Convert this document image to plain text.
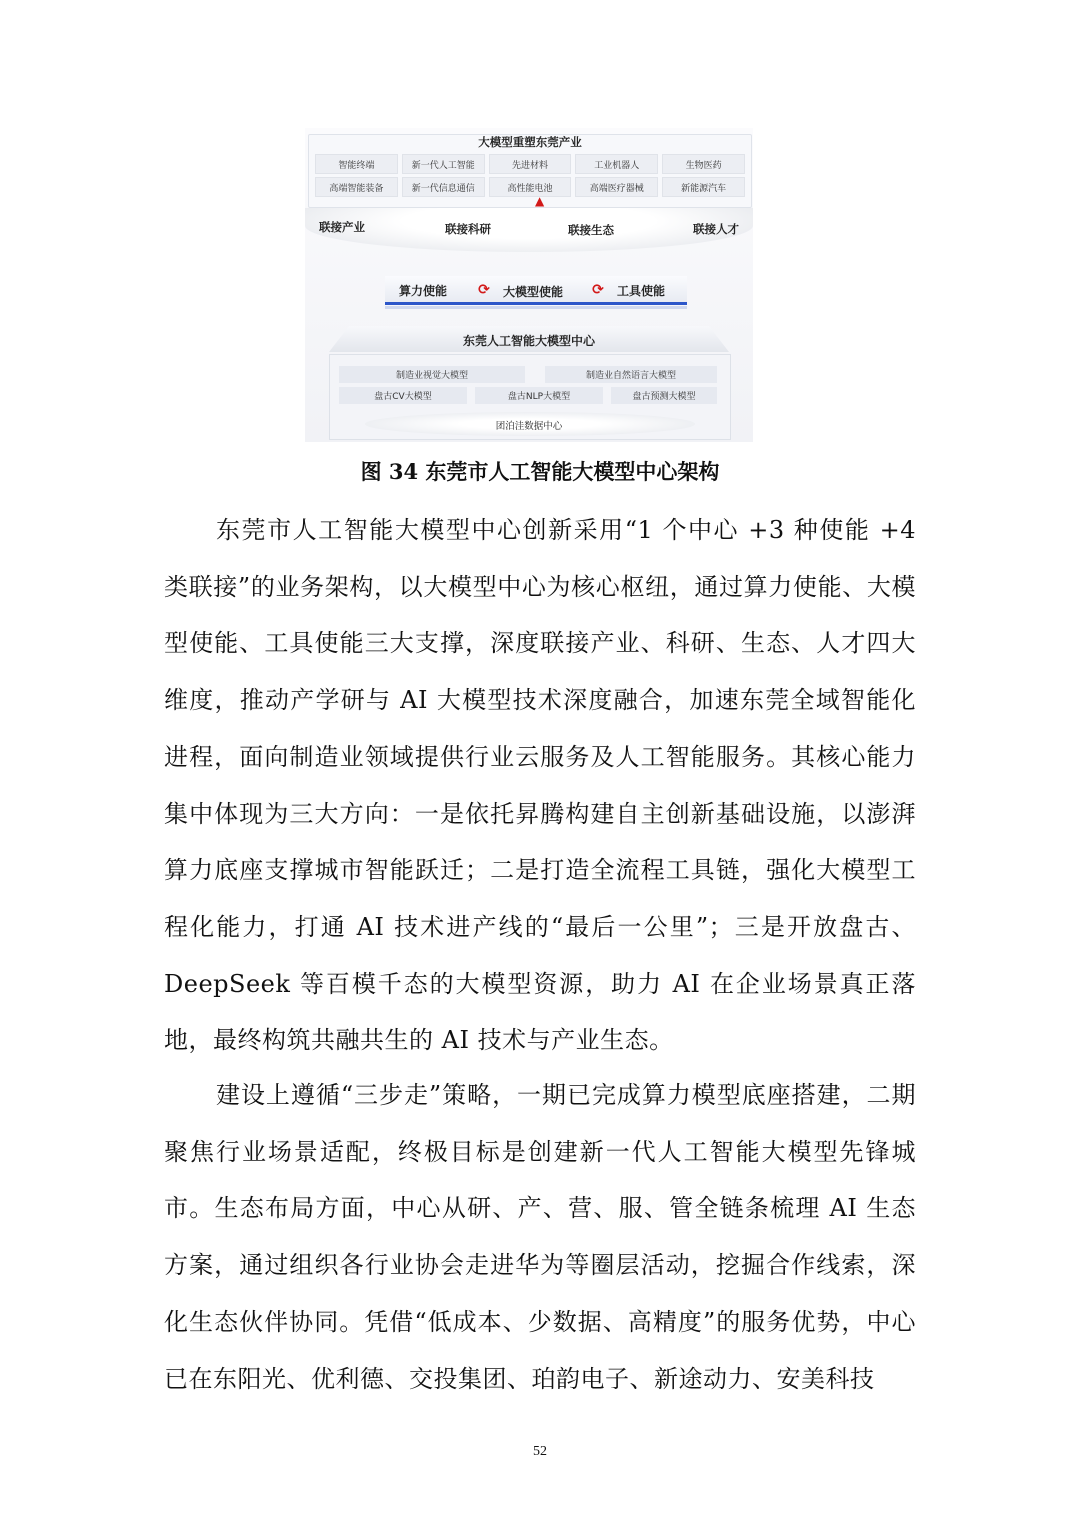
大模型重塑东莞产业
智能终端	新一代人工智能	先进材料	工业机器人	生物医药
高端智能装备	新一代信息通信	高性能电池	高端医疗器械	新能源汽车
▲
联接产业	联接科研	联接生态	联接人才
算力使能 ⟳ 大模型使能 ⟳ 工具使能
东莞人工智能大模型中心
制造业视觉大模型	制造业自然语言大模型
盘古CV大模型	盘古NLP大模型	盘古预测大模型
团泊洼数据中心
图 34 东莞市人工智能大模型中心架构

东莞市人工智能大模型中心创新采用“1 个中心 +3 种使能 +4 类联接”的业务架构，以大模型中心为核心枢纽，通过算力使能、大模型使能、工具使能三大支撑，深度联接产业、科研、生态、人才四大维度，推动产学研与 AI 大模型技术深度融合，加速东莞全域智能化进程，面向制造业领域提供行业云服务及人工智能服务。其核心能力集中体现为三大方向：一是依托昇腾构建自主创新基础设施，以澎湃算力底座支撑城市智能跃迁；二是打造全流程工具链，强化大模型工程化能力，打通 AI 技术进产线的“最后一公里”；三是开放盘古、DeepSeek 等百模千态的大模型资源，助力 AI 在企业场景真正落地，最终构筑共融共生的 AI 技术与产业生态。

建设上遵循“三步走”策略，一期已完成算力模型底座搭建，二期聚焦行业场景适配，终极目标是创建新一代人工智能大模型先锋城市。生态布局方面，中心从研、产、营、服、管全链条梳理 AI 生态方案，通过组织各行业协会走进华为等圈层活动，挖掘合作线索，深化生态伙伴协同。凭借“低成本、少数据、高精度”的服务优势，中心已在东阳光、优利德、交投集团、珀韵电子、新途动力、安美科技

52
